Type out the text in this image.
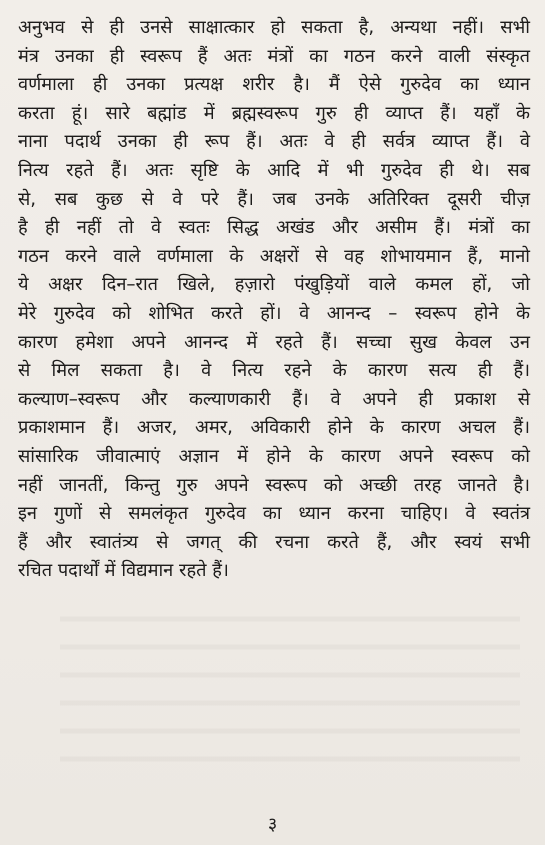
अनुभव से ही उनसे साक्षात्कार हो सकता है, अन्यथा नहीं। सभी
मंत्र उनका ही स्वरूप हैं अतः मंत्रों का गठन करने वाली संस्कृत
वर्णमाला ही उनका प्रत्यक्ष शरीर है। मैं ऐसे गुरुदेव का ध्यान
करता हूं। सारे बह्मांड में ब्रह्मस्वरूप गुरु ही व्याप्त हैं। यहाँ के
नाना पदार्थ उनका ही रूप हैं। अतः वे ही सर्वत्र व्याप्त हैं। वे
नित्य रहते हैं। अतः सृष्टि के आदि में भी गुरुदेव ही थे। सब
से, सब कुछ से वे परे हैं। जब उनके अतिरिक्त दूसरी चीज़
है ही नहीं तो वे स्वतः सिद्ध अखंड और असीम हैं। मंत्रों का
गठन करने वाले वर्णमाला के अक्षरों से वह शोभायमान हैं, मानो
ये अक्षर दिन–रात खिले, हज़ारो पंखुड़ियों वाले कमल हों, जो
मेरे गुरुदेव को शोभित करते हों। वे आनन्द – स्वरूप होने के
कारण हमेशा अपने आनन्द में रहते हैं। सच्चा सुख केवल उन
से मिल सकता है। वे नित्य रहने के कारण सत्य ही हैं।
कल्याण–स्वरूप और कल्याणकारी हैं। वे अपने ही प्रकाश से
प्रकाशमान हैं। अजर, अमर, अविकारी होने के कारण अचल हैं।
सांसारिक जीवात्माएं अज्ञान में होने के कारण अपने स्वरूप को
नहीं जानतीं, किन्तु गुरु अपने स्वरूप को अच्छी तरह जानते है।
इन गुणों से समलंकृत गुरुदेव का ध्यान करना चाहिए। वे स्वतंत्र
हैं और स्वातंत्र्य से जगत् की रचना करते हैं, और स्वयं सभी
रचित पदार्थों में विद्यमान रहते हैं।
३
